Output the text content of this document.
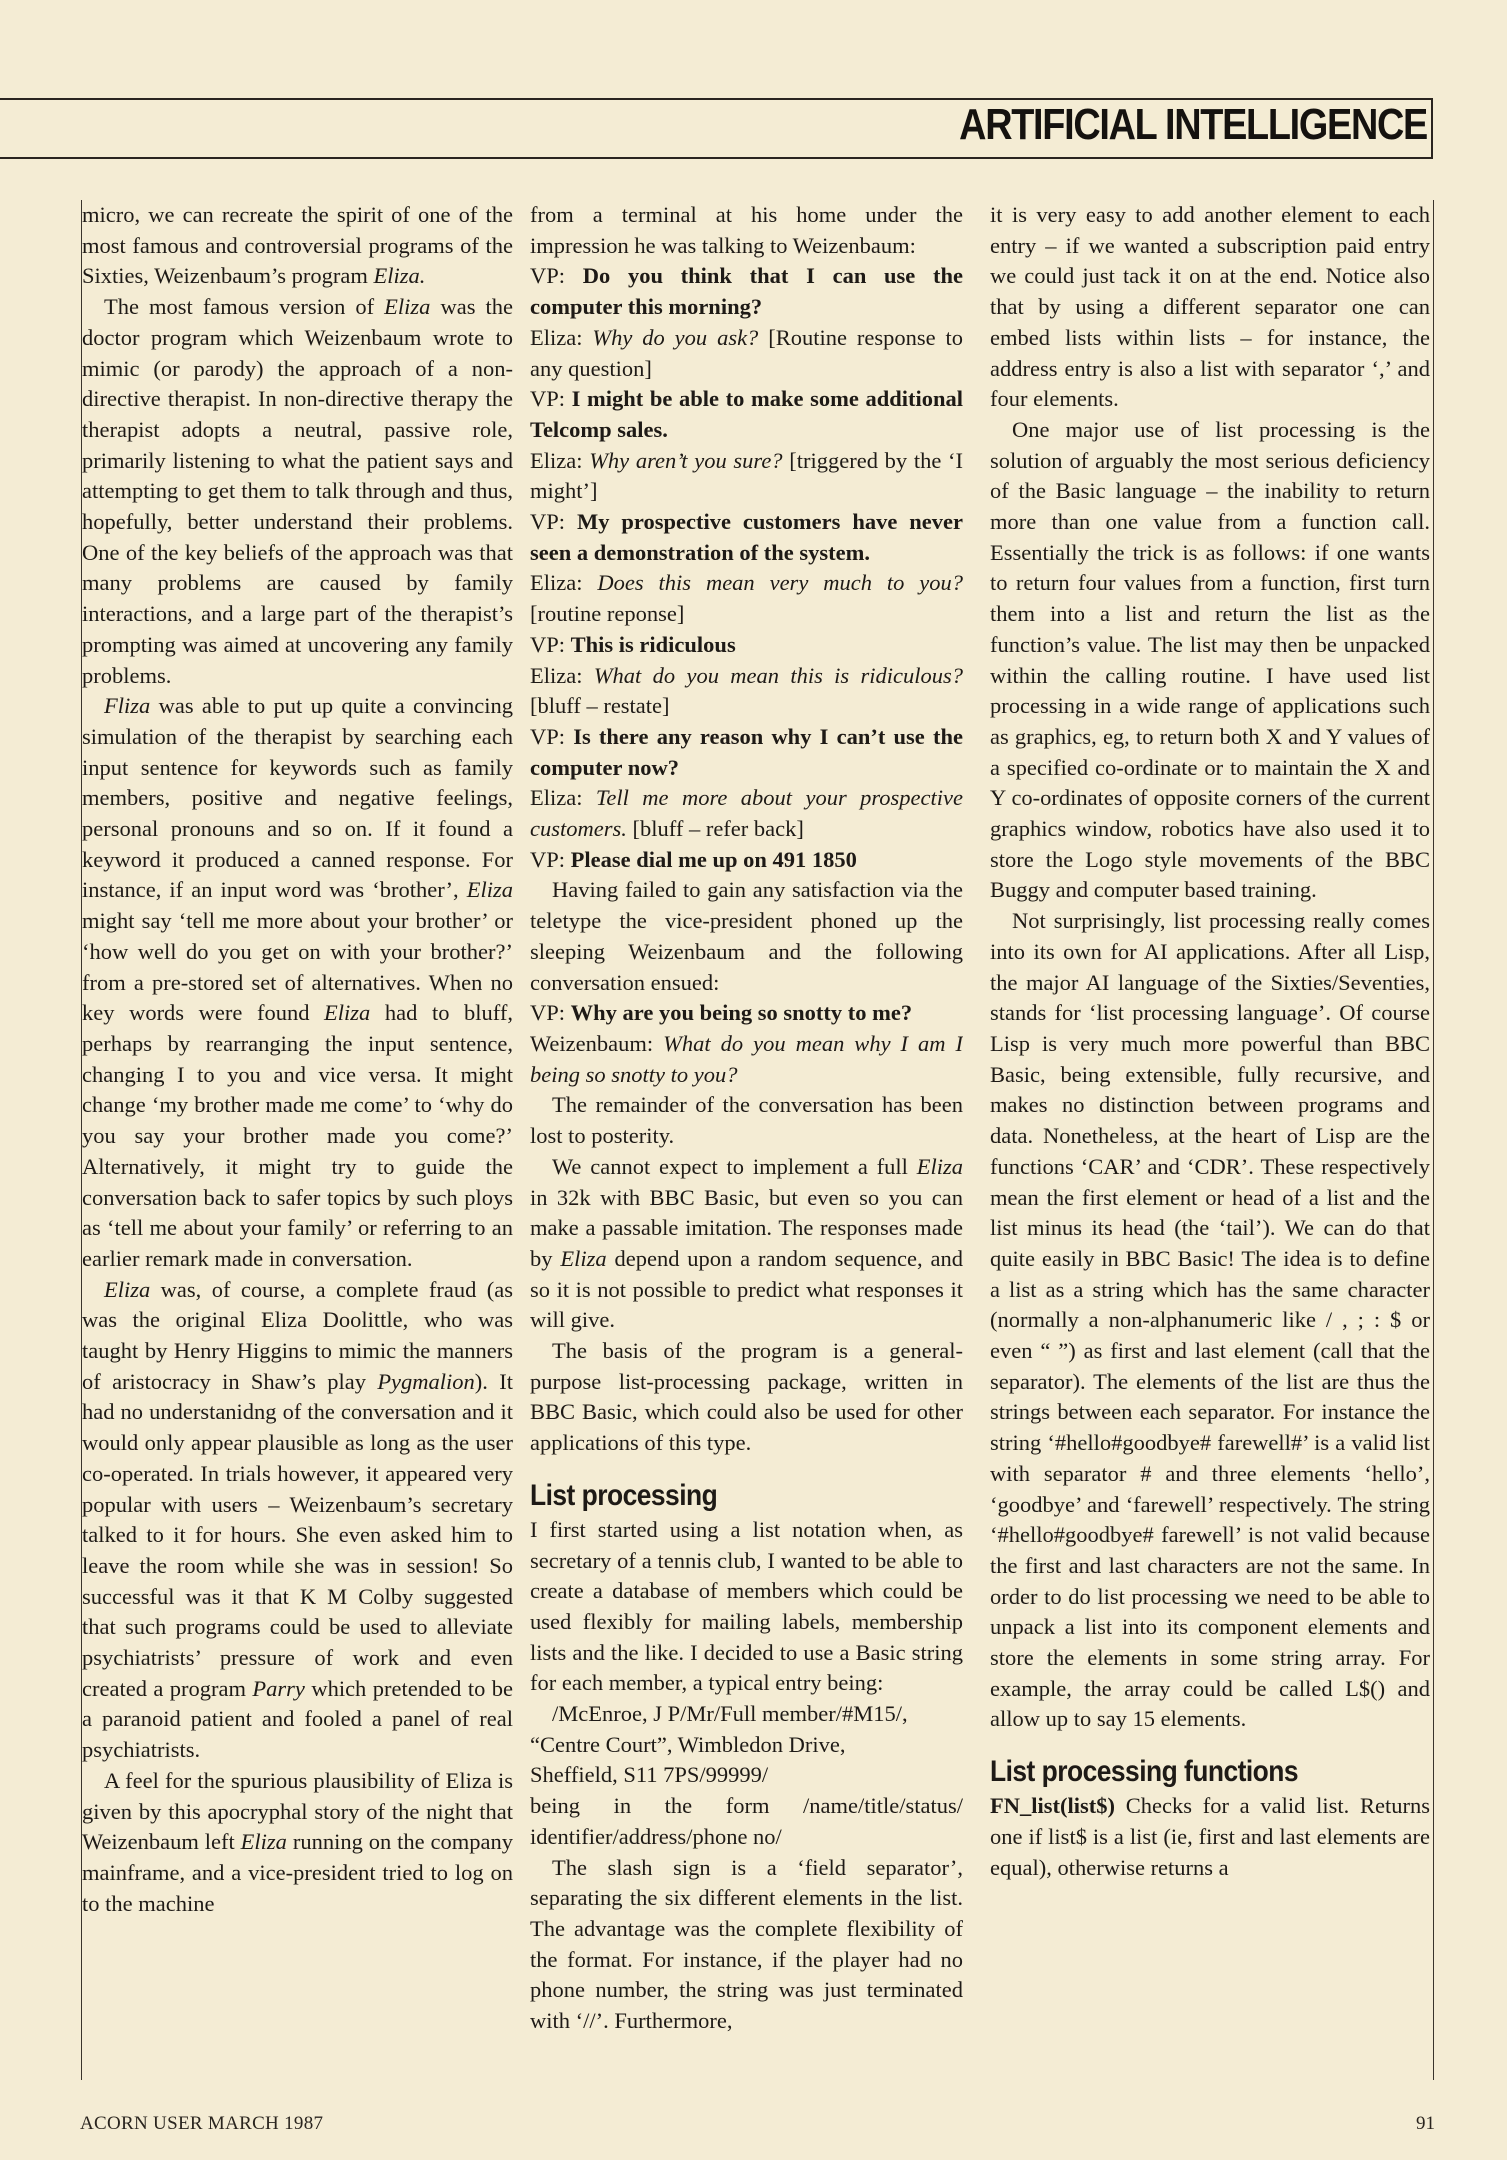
ARTIFICIAL INTELLIGENCE

micro, we can recreate the spirit of one of the most famous and controversial programs of the Sixties, Weizenbaum’s program Eliza.

The most famous version of Eliza was the doctor program which Weizenbaum wrote to mimic (or parody) the approach of a non-directive therapist. In non-directive therapy the therapist adopts a neutral, passive role, primarily listening to what the patient says and attempting to get them to talk through and thus, hopefully, better understand their problems. One of the key beliefs of the approach was that many problems are caused by family interactions, and a large part of the therapist’s prompting was aimed at uncovering any family problems.

Fliza was able to put up quite a convincing simulation of the therapist by searching each input sentence for keywords such as family members, positive and negative feelings, personal pronouns and so on. If it found a keyword it produced a canned response. For instance, if an input word was ‘brother’, Eliza might say ‘tell me more about your brother’ or ‘how well do you get on with your brother?’ from a pre-stored set of alternatives. When no key words were found Eliza had to bluff, perhaps by rearranging the input sentence, changing I to you and vice versa. It might change ‘my brother made me come’ to ‘why do you say your brother made you come?’ Alternatively, it might try to guide the conversation back to safer topics by such ploys as ‘tell me about your family’ or referring to an earlier remark made in conversation.

Eliza was, of course, a complete fraud (as was the original Eliza Doolittle, who was taught by Henry Higgins to mimic the manners of aristocracy in Shaw’s play Pygmalion). It had no understanidng of the conversation and it would only appear plausible as long as the user co-operated. In trials however, it appeared very popular with users – Weizenbaum’s secretary talked to it for hours. She even asked him to leave the room while she was in session! So successful was it that K M Colby suggested that such programs could be used to alleviate psychiatrists’ pressure of work and even created a program Parry which pretended to be a paranoid patient and fooled a panel of real psychiatrists.

A feel for the spurious plausibility of Eliza is given by this apocryphal story of the night that Weizenbaum left Eliza running on the company mainframe, and a vice-president tried to log on to the machine

from a terminal at his home under the impression he was talking to Weizenbaum:

VP: Do you think that I can use the computer this morning?

Eliza: Why do you ask? [Routine response to any question]

VP: I might be able to make some additional Telcomp sales.

Eliza: Why aren’t you sure? [triggered by the ‘I might’]

VP: My prospective customers have never seen a demonstration of the system.

Eliza: Does this mean very much to you? [routine reponse]

VP: This is ridiculous

Eliza: What do you mean this is ridiculous? [bluff – restate]

VP: Is there any reason why I can’t use the computer now?

Eliza: Tell me more about your prospective customers. [bluff – refer back]

VP: Please dial me up on 491 1850

Having failed to gain any satisfaction via the teletype the vice-president phoned up the sleeping Weizenbaum and the following conversation ensued:

VP: Why are you being so snotty to me?

Weizenbaum: What do you mean why I am I being so snotty to you?

The remainder of the conversation has been lost to posterity.

We cannot expect to implement a full Eliza in 32k with BBC Basic, but even so you can make a passable imitation. The responses made by Eliza depend upon a random sequence, and so it is not possible to predict what responses it will give.

The basis of the program is a general-purpose list-processing package, written in BBC Basic, which could also be used for other applications of this type.

List processing

I first started using a list notation when, as secretary of a tennis club, I wanted to be able to create a database of members which could be used flexibly for mailing labels, membership lists and the like. I decided to use a Basic string for each member, a typical entry being:

/McEnroe, J P/Mr/Full member/#M15/,

“Centre Court”, Wimbledon Drive,

Sheffield, S11 7PS/99999/

being in the form /name/title/status/ identifier/address/phone no/

The slash sign is a ‘field separator’, separating the six different elements in the list. The advantage was the complete flexibility of the format. For instance, if the player had no phone number, the string was just terminated with ‘//’. Furthermore,

it is very easy to add another element to each entry – if we wanted a subscription paid entry we could just tack it on at the end. Notice also that by using a different separator one can embed lists within lists – for instance, the address entry is also a list with separator ‘,’ and four elements.

One major use of list processing is the solution of arguably the most serious deficiency of the Basic language – the inability to return more than one value from a function call. Essentially the trick is as follows: if one wants to return four values from a function, first turn them into a list and return the list as the function’s value. The list may then be unpacked within the calling routine. I have used list processing in a wide range of applications such as graphics, eg, to return both X and Y values of a specified co-ordinate or to maintain the X and Y co-ordinates of opposite corners of the current graphics window, robotics have also used it to store the Logo style movements of the BBC Buggy and computer based training.

Not surprisingly, list processing really comes into its own for AI applications. After all Lisp, the major AI language of the Sixties/Seventies, stands for ‘list processing language’. Of course Lisp is very much more powerful than BBC Basic, being extensible, fully recursive, and makes no distinction between programs and data. Nonetheless, at the heart of Lisp are the functions ‘CAR’ and ‘CDR’. These respectively mean the first element or head of a list and the list minus its head (the ‘tail’). We can do that quite easily in BBC Basic! The idea is to define a list as a string which has the same character (normally a non-alphanumeric like / , ; : $ or even “ ”) as first and last element (call that the separator). The elements of the list are thus the strings between each separator. For instance the string ‘#hello#goodbye# farewell#’ is a valid list with separator # and three elements ‘hello’, ‘goodbye’ and ‘farewell’ respectively. The string ‘#hello#goodbye# farewell’ is not valid because the first and last characters are not the same. In order to do list processing we need to be able to unpack a list into its component elements and store the elements in some string array. For example, the array could be called L$() and allow up to say 15 elements.

List processing functions

FN_list(list$) Checks for a valid list. Returns one if list$ is a list (ie, first and last elements are equal), otherwise returns a

ACORN USER MARCH 1987	91
